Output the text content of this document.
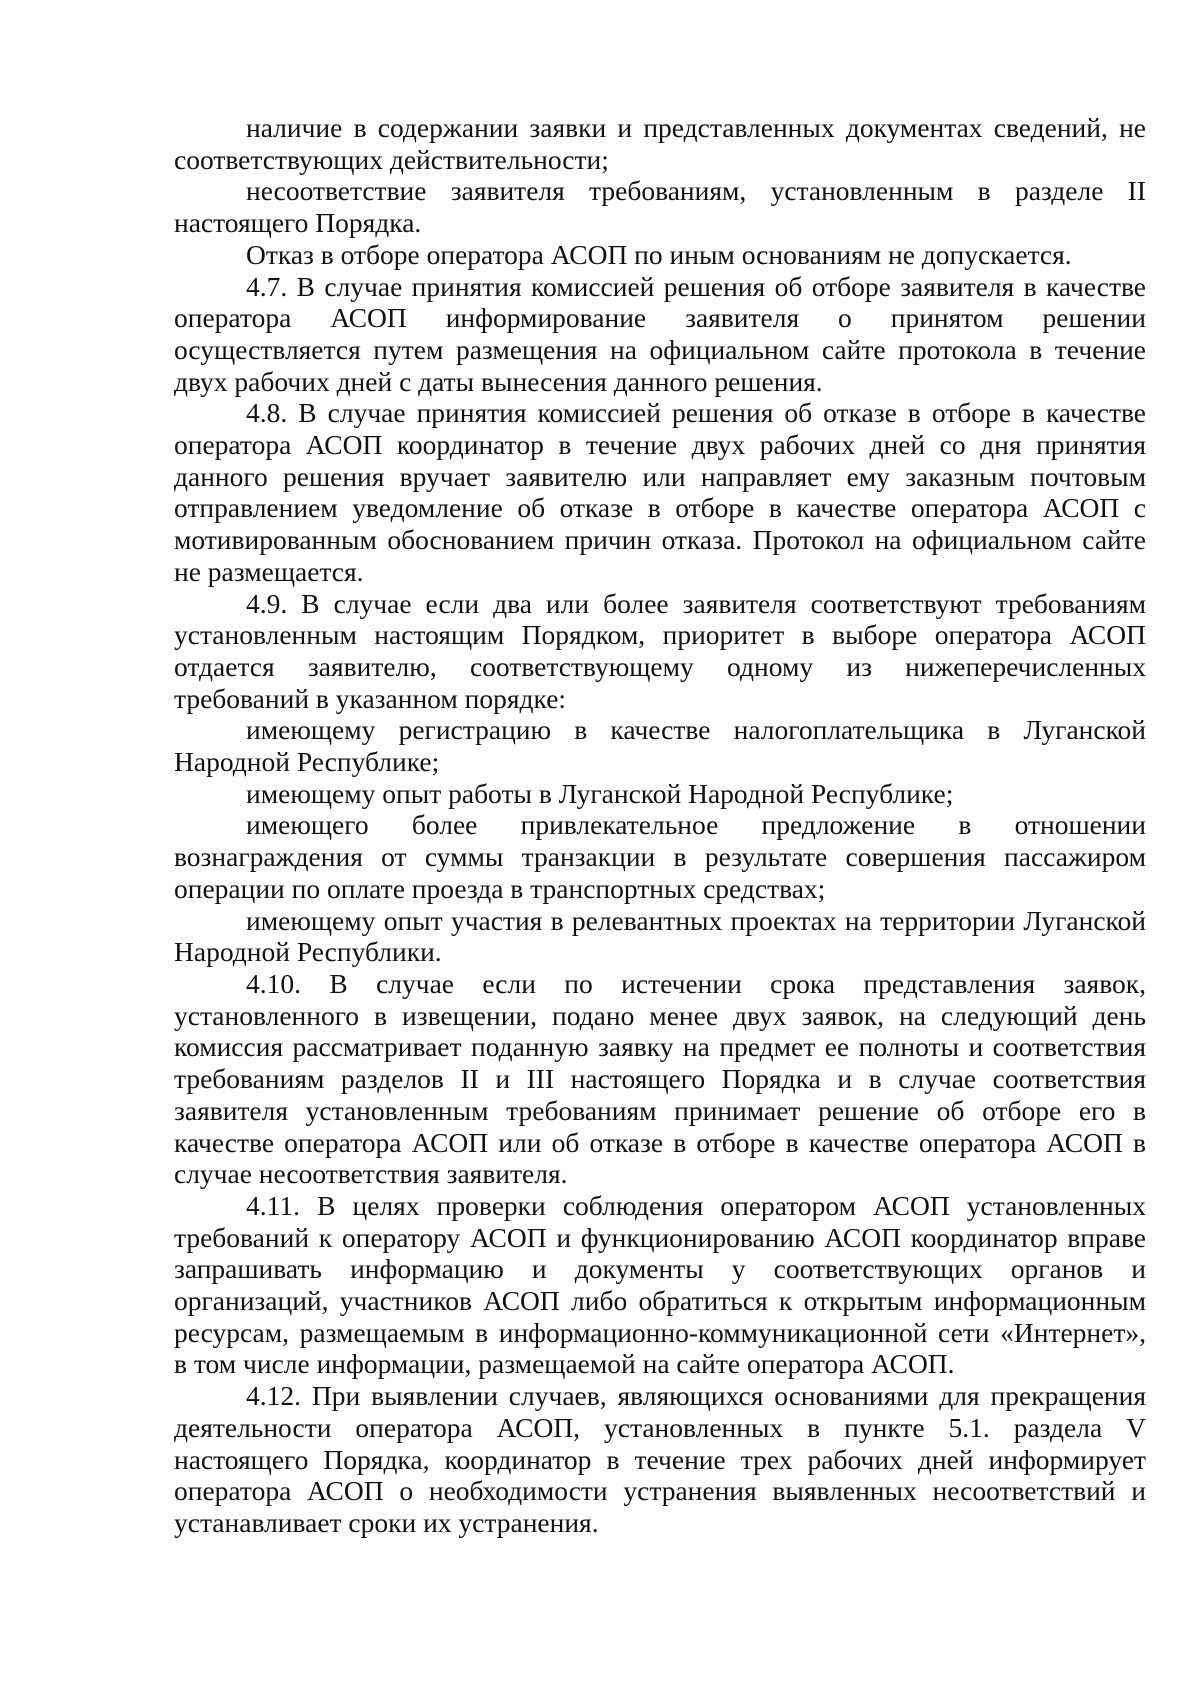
наличие в содержании заявки и представленных документах сведений, не соответствующих действительности;

несоответствие заявителя требованиям, установленным в разделе II настоящего Порядка.

Отказ в отборе оператора АСОП по иным основаниям не допускается.

4.7. В случае принятия комиссией решения об отборе заявителя в качестве оператора АСОП информирование заявителя о принятом решении осуществляется путем размещения на официальном сайте протокола в течение двух рабочих дней с даты вынесения данного решения.

4.8. В случае принятия комиссией решения об отказе в отборе в качестве оператора АСОП координатор в течение двух рабочих дней со дня принятия данного решения вручает заявителю или направляет ему заказным почтовым отправлением уведомление об отказе в отборе в качестве оператора АСОП с мотивированным обоснованием причин отказа. Протокол на официальном сайте не размещается.

4.9. В случае если два или более заявителя соответствуют требованиям установленным настоящим Порядком, приоритет в выборе оператора АСОП отдается заявителю, соответствующему одному из нижеперечисленных требований в указанном порядке:

имеющему регистрацию в качестве налогоплательщика в Луганской Народной Республике;

имеющему опыт работы в Луганской Народной Республике;

имеющего более привлекательное предложение в отношении вознаграждения от суммы транзакции в результате совершения пассажиром операции по оплате проезда в транспортных средствах;

имеющему опыт участия в релевантных проектах на территории Луганской Народной Республики.

4.10. В случае если по истечении срока представления заявок, установленного в извещении, подано менее двух заявок, на следующий день комиссия рассматривает поданную заявку на предмет ее полноты и соответствия требованиям разделов II и III настоящего Порядка и в случае соответствия заявителя установленным требованиям принимает решение об отборе его в качестве оператора АСОП или об отказе в отборе в качестве оператора АСОП в случае несоответствия заявителя.

4.11. В целях проверки соблюдения оператором АСОП установленных требований к оператору АСОП и функционированию АСОП координатор вправе запрашивать информацию и документы у соответствующих органов и организаций, участников АСОП либо обратиться к открытым информационным ресурсам, размещаемым в информационно-коммуникационной сети «Интернет», в том числе информации, размещаемой на сайте оператора АСОП.

4.12. При выявлении случаев, являющихся основаниями для прекращения деятельности оператора АСОП, установленных в пункте 5.1. раздела V настоящего Порядка, координатор в течение трех рабочих дней информирует оператора АСОП о необходимости устранения выявленных несоответствий и устанавливает сроки их устранения.
